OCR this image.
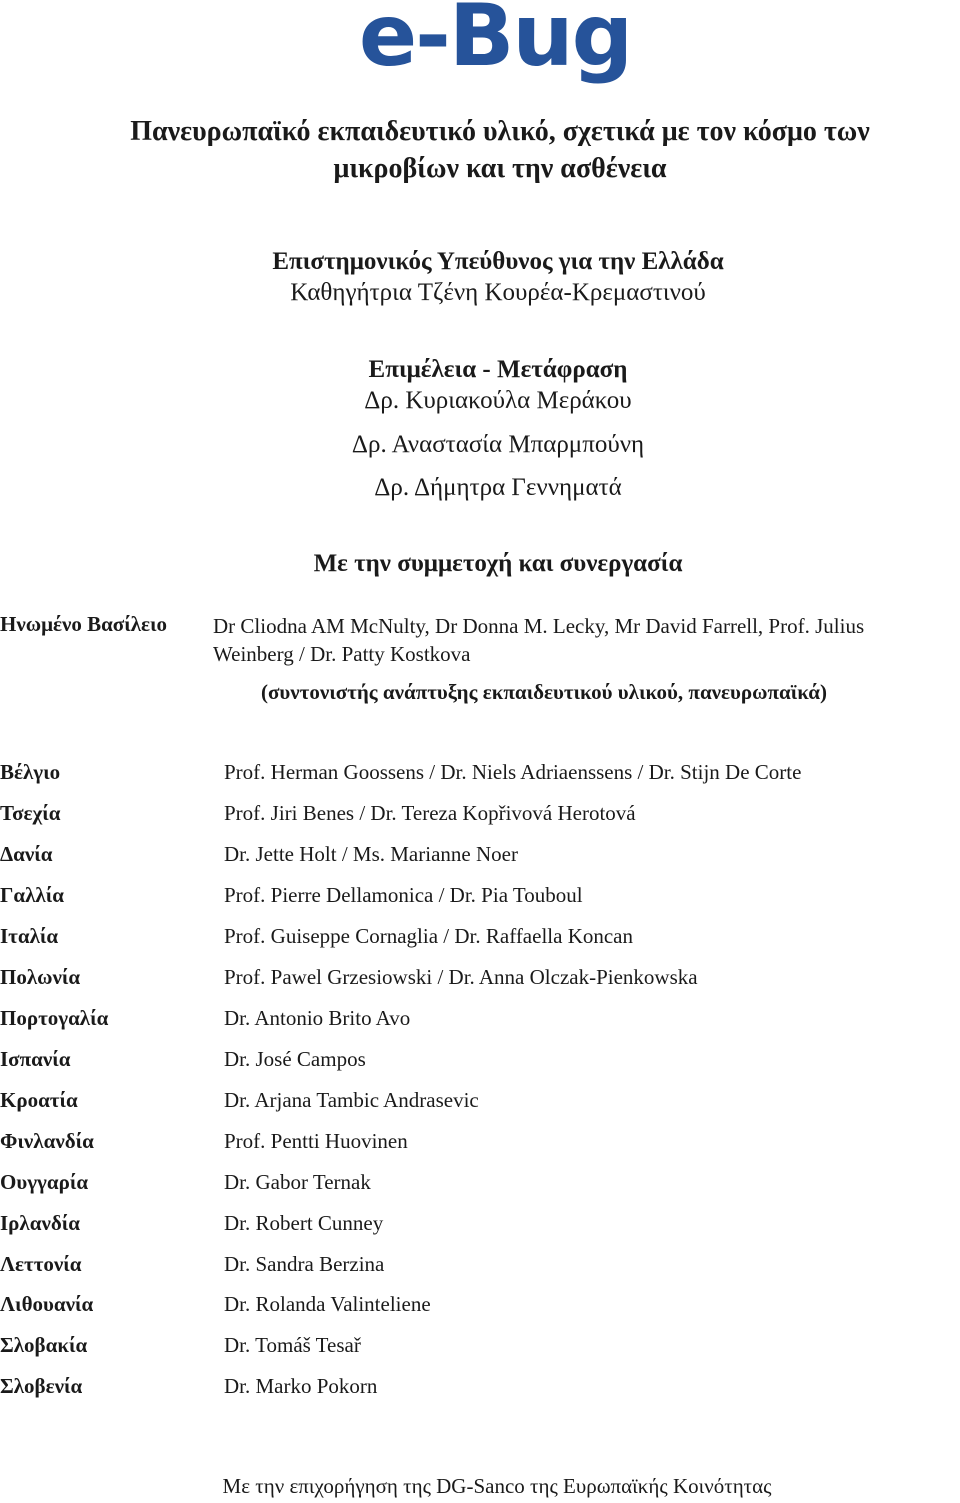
e-Bug
Πανευρωπαϊκό εκπαιδευτικό υλικό, σχετικά με τον κόσμο των
μικροβίων και την ασθένεια
Επιστημονικός Υπεύθυνος για την Ελλάδα
Καθηγήτρια Τζένη Κουρέα-Κρεμαστινού
Επιμέλεια - Μετάφραση
Δρ. Κυριακούλα Μεράκου
Δρ. Αναστασία Μπαρμπούνη
Δρ. Δήμητρα Γεννηματά
Με την συμμετοχή και συνεργασία
Ηνωμένο Βασίλειο Dr Cliodna AM McNulty, Dr Donna M. Lecky, Mr David Farrell, Prof. Julius
Weinberg / Dr. Patty Kostkova
(συντονιστής ανάπτυξης εκπαιδευτικού υλικού, πανευρωπαϊκά)
Βέλγιο	Prof. Herman Goossens / Dr. Niels Adriaenssens / Dr. Stijn De Corte
Τσεχία	Prof. Jiri Benes / Dr. Tereza Kopřivová Herotová
Δανία	Dr. Jette Holt / Ms. Marianne Noer
Γαλλία	Prof. Pierre Dellamonica / Dr. Pia Touboul
Ιταλία	Prof. Guiseppe Cornaglia / Dr. Raffaella Koncan
Πολωνία	Prof. Pawel Grzesiowski / Dr. Anna Olczak-Pienkowska
Πορτογαλία	Dr. Antonio Brito Avo
Ισπανία	Dr. José Campos
Κροατία	Dr. Arjana Tambic Andrasevic
Φινλανδία	Prof. Pentti Huovinen
Ουγγαρία	Dr. Gabor Ternak
Ιρλανδία	Dr. Robert Cunney
Λεττονία	Dr. Sandra Berzina
Λιθουανία	Dr. Rolanda Valinteliene
Σλοβακία	Dr. Tomáš Tesař
Σλοβενία	Dr. Marko Pokorn
Με την επιχορήγηση της DG-Sanco της Ευρωπαϊκής Κοινότητας
